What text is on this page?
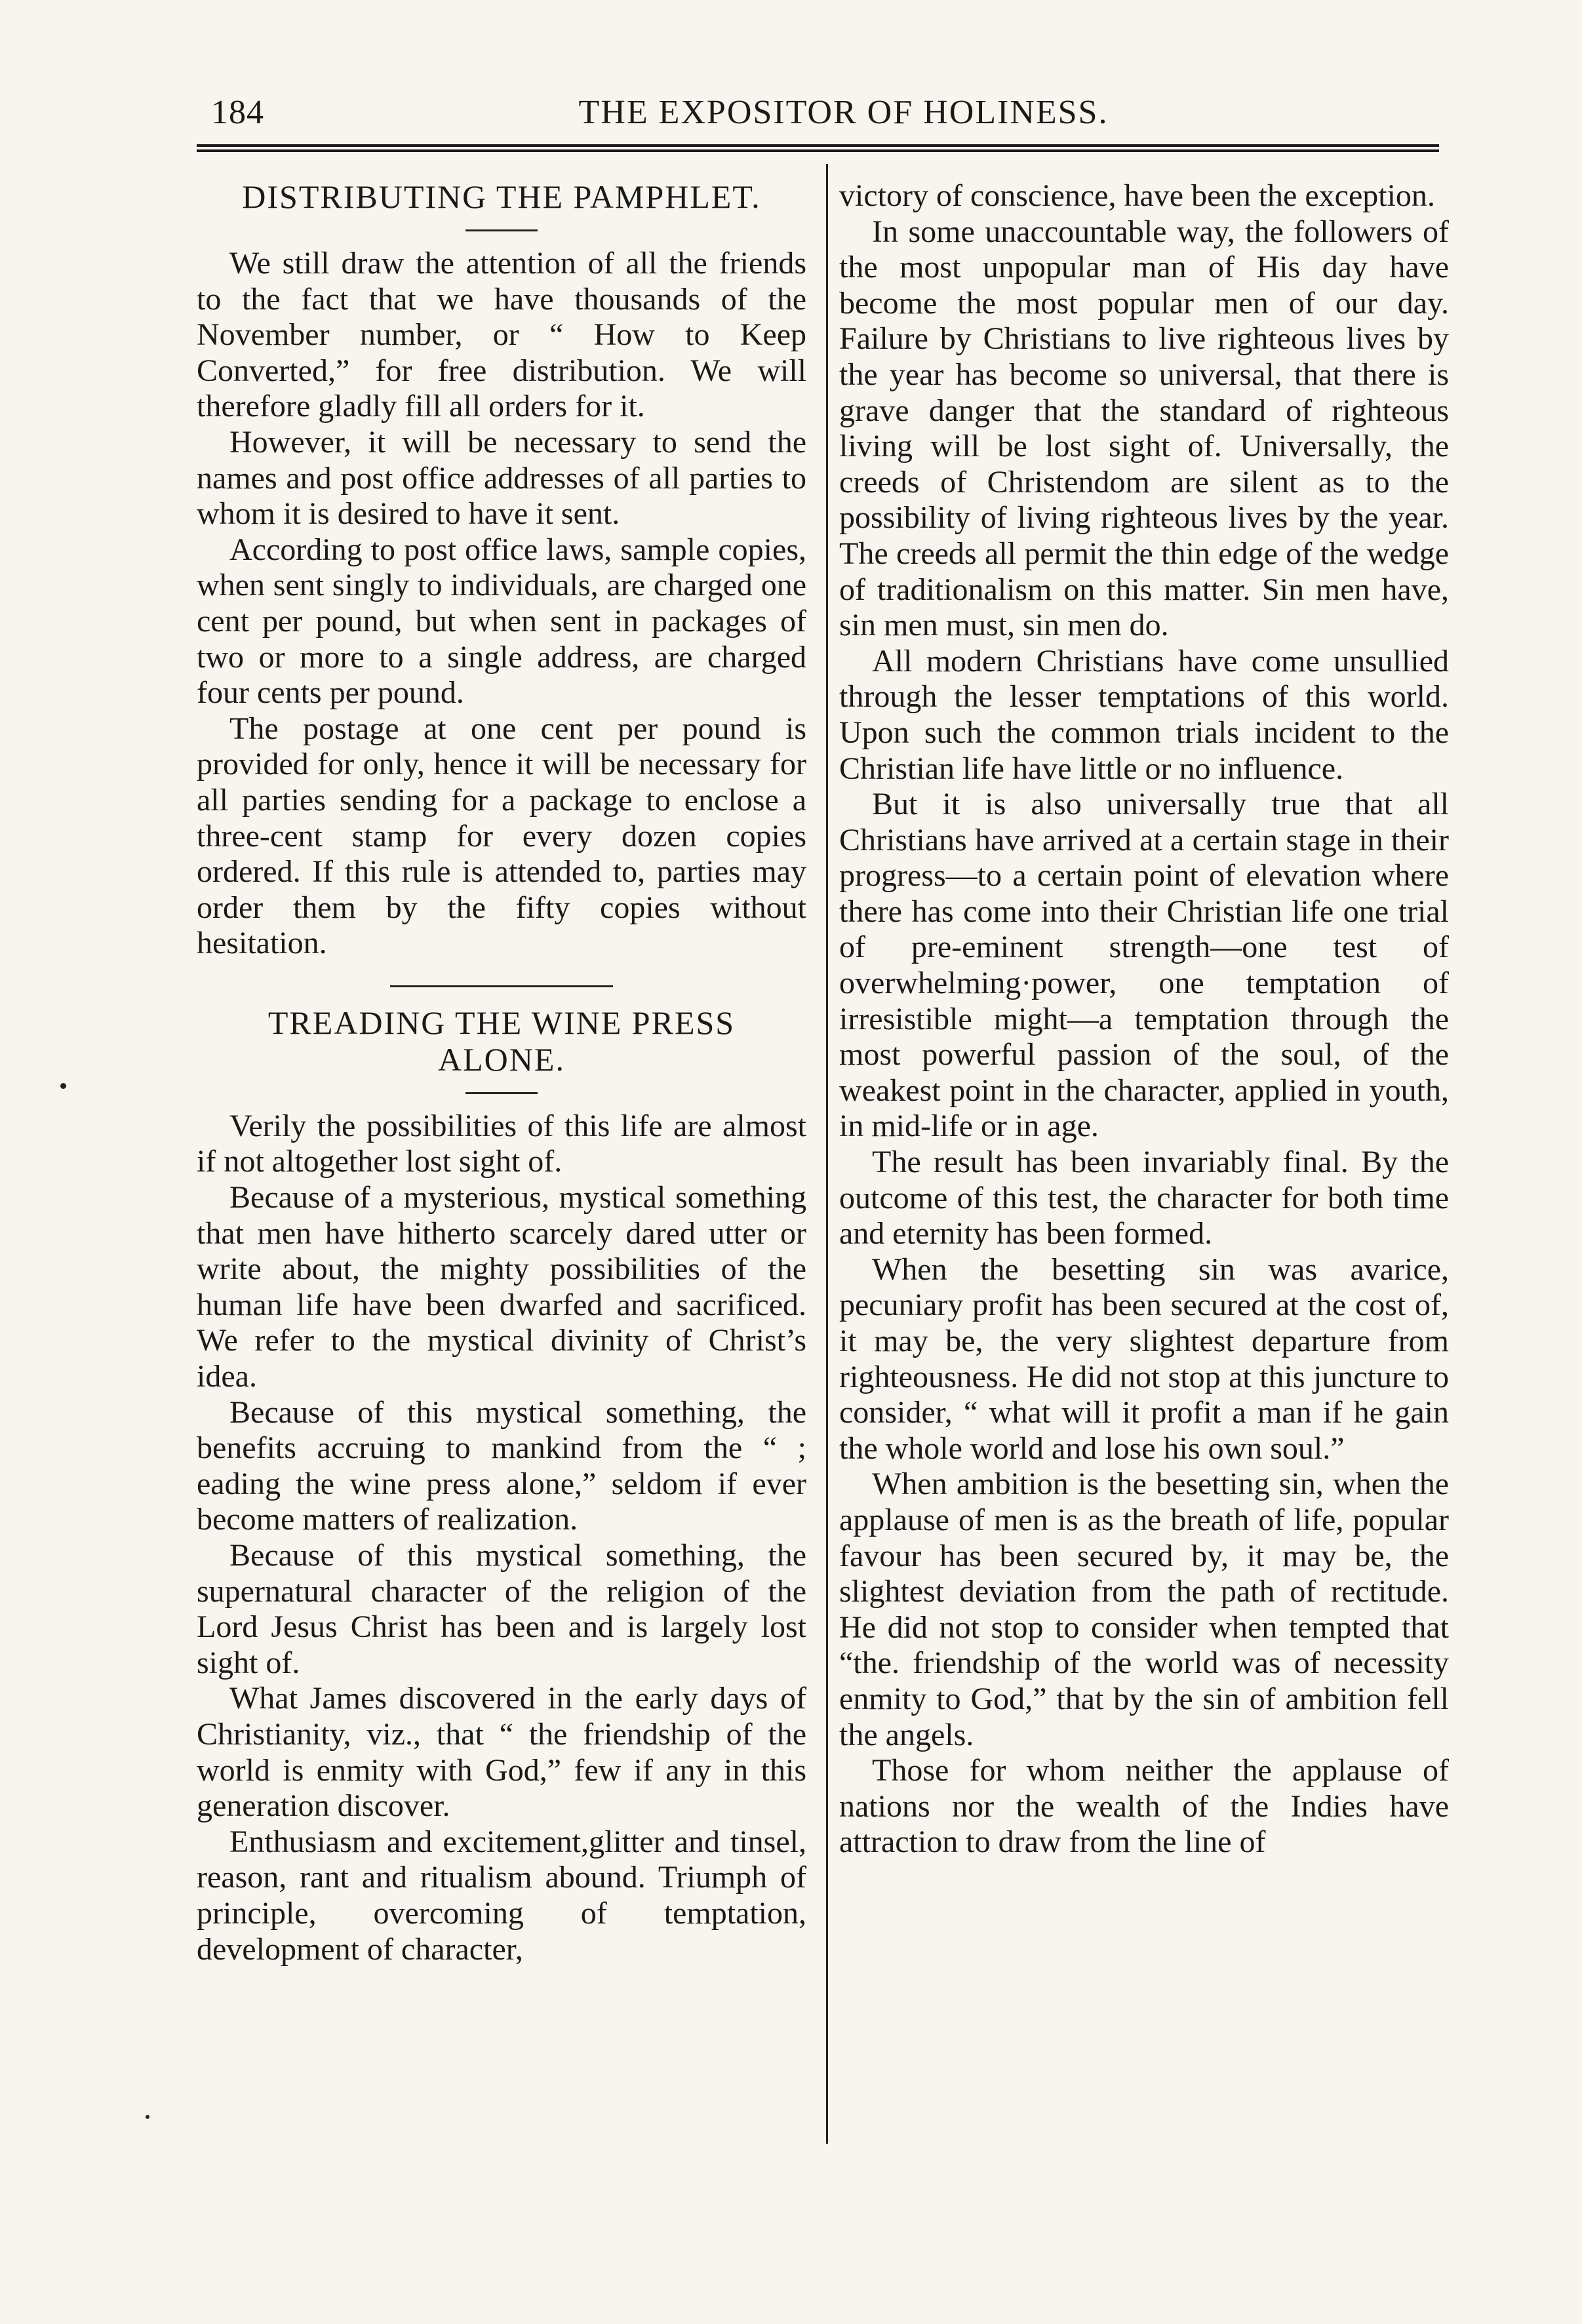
184	THE EXPOSITOR OF HOLINESS.
DISTRIBUTING THE PAMPHLET.

We still draw the attention of all the friends to the fact that we have thousands of the November number, or “ How to Keep Converted,” for free distribution. We will therefore gladly fill all orders for it.

However, it will be necessary to send the names and post office addresses of all parties to whom it is desired to have it sent.

According to post office laws, sample copies, when sent singly to individuals, are charged one cent per pound, but when sent in packages of two or more to a single address, are charged four cents per pound.

The postage at one cent per pound is provided for only, hence it will be necessary for all parties sending for a package to enclose a three-cent stamp for every dozen copies ordered. If this rule is attended to, parties may order them by the fifty copies without hesitation.

TREADING THE WINE PRESS
ALONE.

Verily the possibilities of this life are almost if not altogether lost sight of.

Because of a mysterious, mystical something that men have hitherto scarcely dared utter or write about, the mighty possibilities of the human life have been dwarfed and sacrificed. We refer to the mystical divinity of Christ’s idea.

Because of this mystical something, the benefits accruing to mankind from the “ ; eading the wine press alone,” seldom if ever become matters of realization.

Because of this mystical something, the supernatural character of the religion of the Lord Jesus Christ has been and is largely lost sight of.

What James discovered in the early days of Christianity, viz., that “ the friendship of the world is enmity with God,” few if any in this generation discover.

Enthusiasm and excitement,glitter and tinsel, reason, rant and ritualism abound. Triumph of principle, overcoming of temptation, development of character,

victory of conscience, have been the exception.

In some unaccountable way, the followers of the most unpopular man of His day have become the most popular men of our day. Failure by Christians to live righteous lives by the year has become so universal, that there is grave danger that the standard of righteous living will be lost sight of. Universally, the creeds of Christendom are silent as to the possibility of living righteous lives by the year. The creeds all permit the thin edge of the wedge of traditionalism on this matter. Sin men have, sin men must, sin men do.

All modern Christians have come unsullied through the lesser temptations of this world. Upon such the common trials incident to the Christian life have little or no influence.

But it is also universally true that all Christians have arrived at a certain stage in their progress—to a certain point of elevation where there has come into their Christian life one trial of pre-eminent strength—one test of overwhelming·power, one temptation of irresistible might—a temptation through the most powerful passion of the soul, of the weakest point in the character, applied in youth, in mid-life or in age.

The result has been invariably final. By the outcome of this test, the character for both time and eternity has been formed.

When the besetting sin was avarice, pecuniary profit has been secured at the cost of, it may be, the very slightest departure from righteousness. He did not stop at this juncture to consider, “ what will it profit a man if he gain the whole world and lose his own soul.”

When ambition is the besetting sin, when the applause of men is as the breath of life, popular favour has been secured by, it may be, the slightest deviation from the path of rectitude. He did not stop to consider when tempted that “the. friendship of the world was of necessity enmity to God,” that by the sin of ambition fell the angels.

Those for whom neither the applause of nations nor the wealth of the Indies have attraction to draw from the line of
